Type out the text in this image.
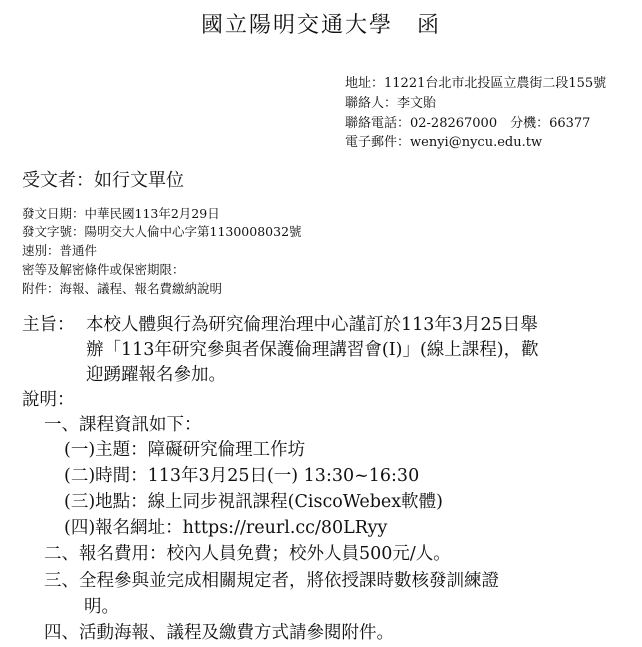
國立陽明交通大學　函
地址：11221台北市北投區立農街二段155號
聯絡人：李文貽
聯絡電話：02-28267000　分機：66377
電子郵件：wenyi@nycu.edu.tw
受文者：如行文單位
發文日期：中華民國113年2月29日
發文字號：陽明交大人倫中心字第1130008032號
速別：普通件
密等及解密條件或保密期限：
附件：海報、議程、報名費繳納說明
主旨： 本校人體與行為研究倫理治理中心謹訂於113年3月25日舉
辦「113年研究參與者保護倫理講習會(I)」(線上課程)，歡
迎踴躍報名參加。
說明：
一、課程資訊如下：
(一)主題：障礙研究倫理工作坊
(二)時間：113年3月25日(一) 13:30~16:30
(三)地點：線上同步視訊課程(CiscoWebex軟體)
(四)報名網址：https://reurl.cc/80LRyy
二、報名費用：校內人員免費；校外人員500元/人。
三、全程參與並完成相關規定者，將依授課時數核發訓練證
明。
四、活動海報、議程及繳費方式請參閱附件。
